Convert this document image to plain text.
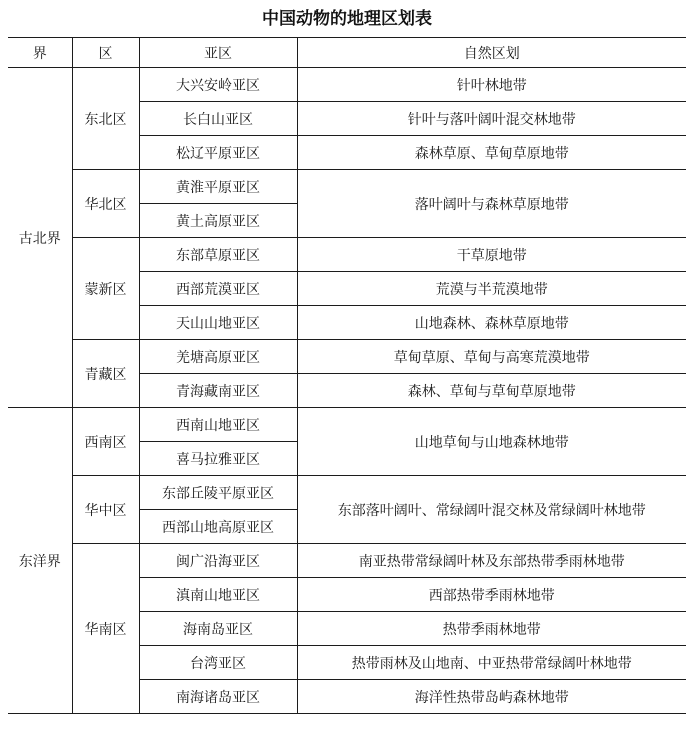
中国动物的地理区划表
界	区	亚区	自然区划
古北界	东北区	大兴安岭亚区	针叶林地带
		长白山亚区	针叶与落叶阔叶混交林地带
		松辽平原亚区	森林草原、草甸草原地带
	华北区	黄淮平原亚区	落叶阔叶与森林草原地带
		黄土高原亚区	
	蒙新区	东部草原亚区	干草原地带
		西部荒漠亚区	荒漠与半荒漠地带
		天山山地亚区	山地森林、森林草原地带
	青藏区	羌塘高原亚区	草甸草原、草甸与高寒荒漠地带
		青海藏南亚区	森林、草甸与草甸草原地带
东洋界	西南区	西南山地亚区	山地草甸与山地森林地带
		喜马拉雅亚区	
	华中区	东部丘陵平原亚区	东部落叶阔叶、常绿阔叶混交林及常绿阔叶林地带
		西部山地高原亚区	
	华南区	闽广沿海亚区	南亚热带常绿阔叶林及东部热带季雨林地带
		滇南山地亚区	西部热带季雨林地带
		海南岛亚区	热带季雨林地带
		台湾亚区	热带雨林及山地南、中亚热带常绿阔叶林地带
		南海诸岛亚区	海洋性热带岛屿森林地带
